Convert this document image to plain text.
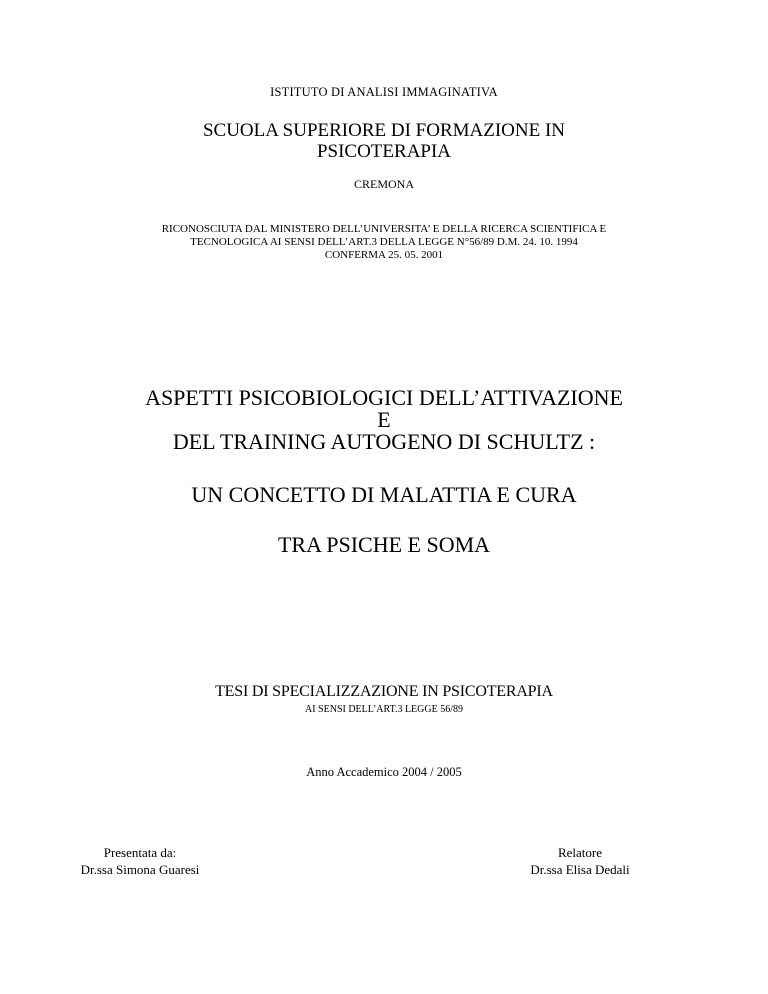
ISTITUTO DI ANALISI IMMAGINATIVA
SCUOLA SUPERIORE DI FORMAZIONE IN
PSICOTERAPIA
CREMONA
RICONOSCIUTA DAL MINISTERO DELL’UNIVERSITA’ E DELLA RICERCA SCIENTIFICA E
TECNOLOGICA AI SENSI DELL’ART.3 DELLA LEGGE N°56/89 D.M. 24. 10. 1994
CONFERMA 25. 05. 2001
ASPETTI PSICOBIOLOGICI DELL’ATTIVAZIONE
E
DEL TRAINING AUTOGENO DI SCHULTZ :
UN CONCETTO DI MALATTIA E CURA
TRA PSICHE E SOMA
TESI DI SPECIALIZZAZIONE IN PSICOTERAPIA
AI SENSI DELL’ART.3 LEGGE 56/89
Anno Accademico 2004 / 2005
Presentata da:
Dr.ssa Simona Guaresi
Relatore
Dr.ssa Elisa Dedali
